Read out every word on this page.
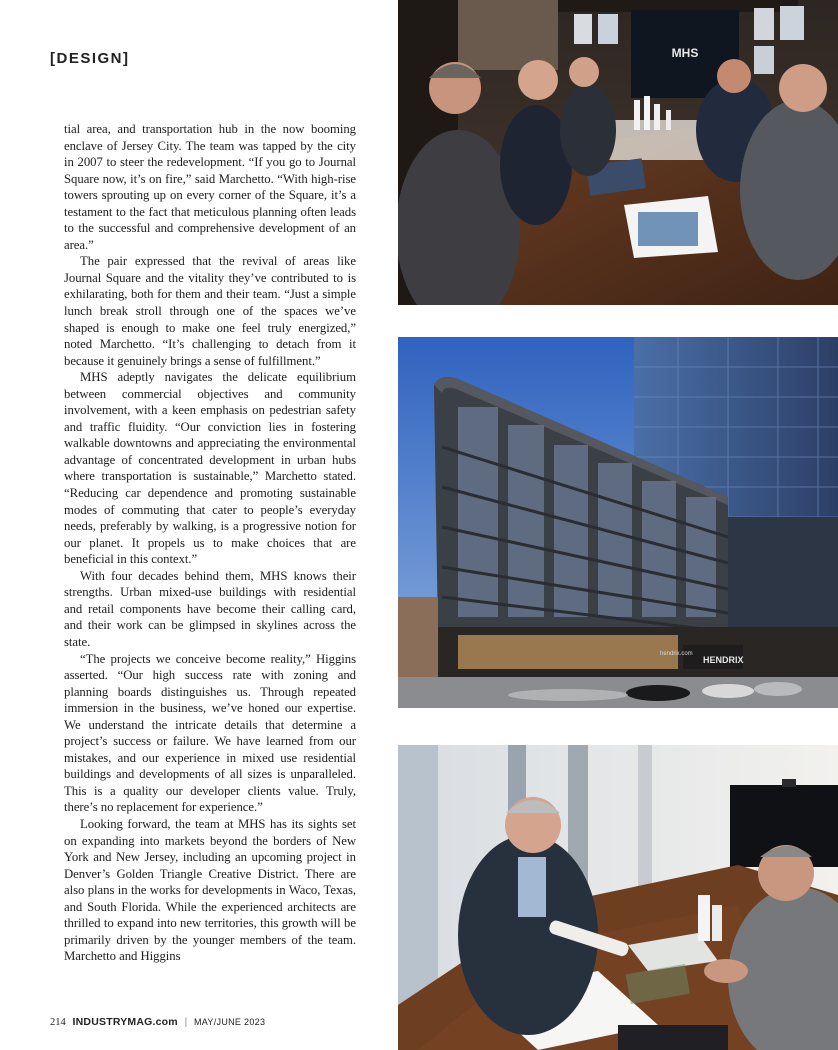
[DESIGN]

tial area, and transportation hub in the now booming enclave of Jersey City. The team was tapped by the city in 2007 to steer the redevelopment. “If you go to Journal Square now, it’s on fire,” said Marchetto. “With high-rise towers sprouting up on every corner of the Square, it’s a testament to the fact that meticulous planning often leads to the successful and comprehensive development of an area.”

The pair expressed that the revival of areas like Journal Square and the vitality they’ve contributed to is exhilarating, both for them and their team. “Just a simple lunch break stroll through one of the spaces we’ve shaped is enough to make one feel truly energized,” noted Marchetto. “It’s challenging to detach from it because it genuinely brings a sense of fulfillment.”

MHS adeptly navigates the delicate equilibrium between commercial objectives and community involvement, with a keen emphasis on pedestrian safety and traffic fluidity. “Our conviction lies in fostering walkable downtowns and appreciating the environmental advantage of concentrated development in urban hubs where transportation is sustainable,” Marchetto stated. “Reducing car dependence and promoting sustainable modes of commuting that cater to people’s everyday needs, preferably by walking, is a progressive notion for our planet. It propels us to make choices that are beneficial in this context.”

With four decades behind them, MHS knows their strengths. Urban mixed-use buildings with residential and retail components have become their calling card, and their work can be glimpsed in skylines across the state.

“The projects we conceive become reality,” Higgins asserted. “Our high success rate with zoning and planning boards distinguishes us. Through repeated immersion in the business, we’ve honed our expertise. We understand the intricate details that determine a project’s success or failure. We have learned from our mistakes, and our experience in mixed use residential buildings and developments of all sizes is unparalleled. This is a quality our developer clients value. Truly, there’s no replacement for experience.”

Looking forward, the team at MHS has its sights set on expanding into markets beyond the borders of New York and New Jersey, including an upcoming project in Denver’s Golden Triangle Creative District. There are also plans in the works for developments in Waco, Texas, and South Florida. While the experienced architects are thrilled to expand into new territories, this growth will be primarily driven by the younger members of the team. Marchetto and Higgins

MHS
HENDRIX
hendrix.com
214 INDUSTRYMAG.com | MAY/JUNE 2023
